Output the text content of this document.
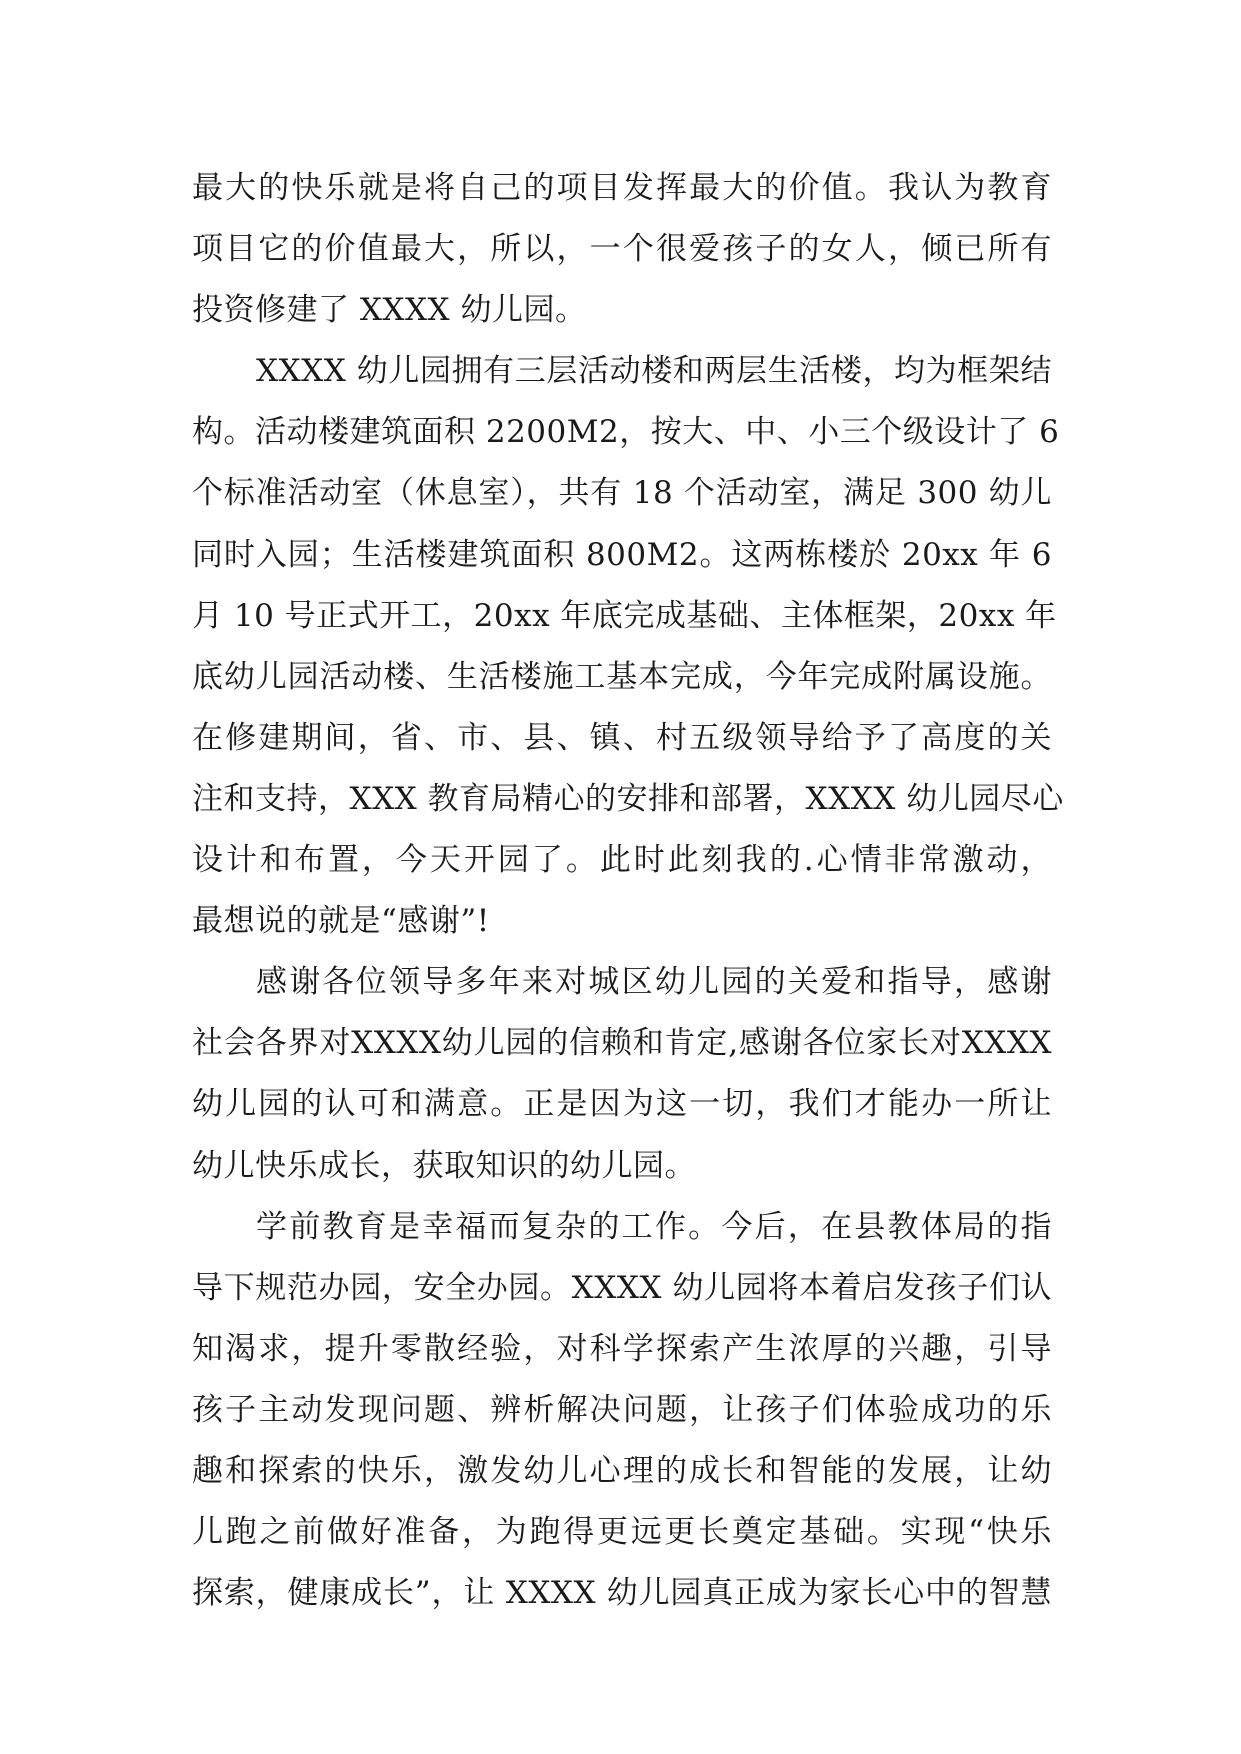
最大的快乐就是将自己的项目发挥最大的价值。我认为教育
项目它的价值最大，所以，一个很爱孩子的女人，倾已所有
投资修建了 XXXX 幼儿园。
XXXX 幼儿园拥有三层活动楼和两层生活楼，均为框架结
构。活动楼建筑面积 2200M2，按大、中、小三个级设计了 6
个标准活动室（休息室），共有 18 个活动室，满足 300 幼儿
同时入园；生活楼建筑面积 800M2。这两栋楼於 20xx 年 6
月 10 号正式开工，20xx 年底完成基础、主体框架，20xx 年
底幼儿园活动楼、生活楼施工基本完成，今年完成附属设施。
在修建期间，省、市、县、镇、村五级领导给予了高度的关
注和支持，XXX 教育局精心的安排和部署，XXXX 幼儿园尽心
设计和布置，今天开园了。此时此刻我的.心情非常激动，
最想说的就是“感谢”!
感谢各位领导多年来对城区幼儿园的关爱和指导，感谢
社会各界对XXXX幼儿园的信赖和肯定,感谢各位家长对XXXX
幼儿园的认可和满意。正是因为这一切，我们才能办一所让
幼儿快乐成长，获取知识的幼儿园。
学前教育是幸福而复杂的工作。今后，在县教体局的指
导下规范办园，安全办园。XXXX 幼儿园将本着启发孩子们认
知渴求，提升零散经验，对科学探索产生浓厚的兴趣，引导
孩子主动发现问题、辨析解决问题，让孩子们体验成功的乐
趣和探索的快乐，激发幼儿心理的成长和智能的发展，让幼
儿跑之前做好准备，为跑得更远更长奠定基础。实现“快乐
探索，健康成长”，让 XXXX 幼儿园真正成为家长心中的智慧
